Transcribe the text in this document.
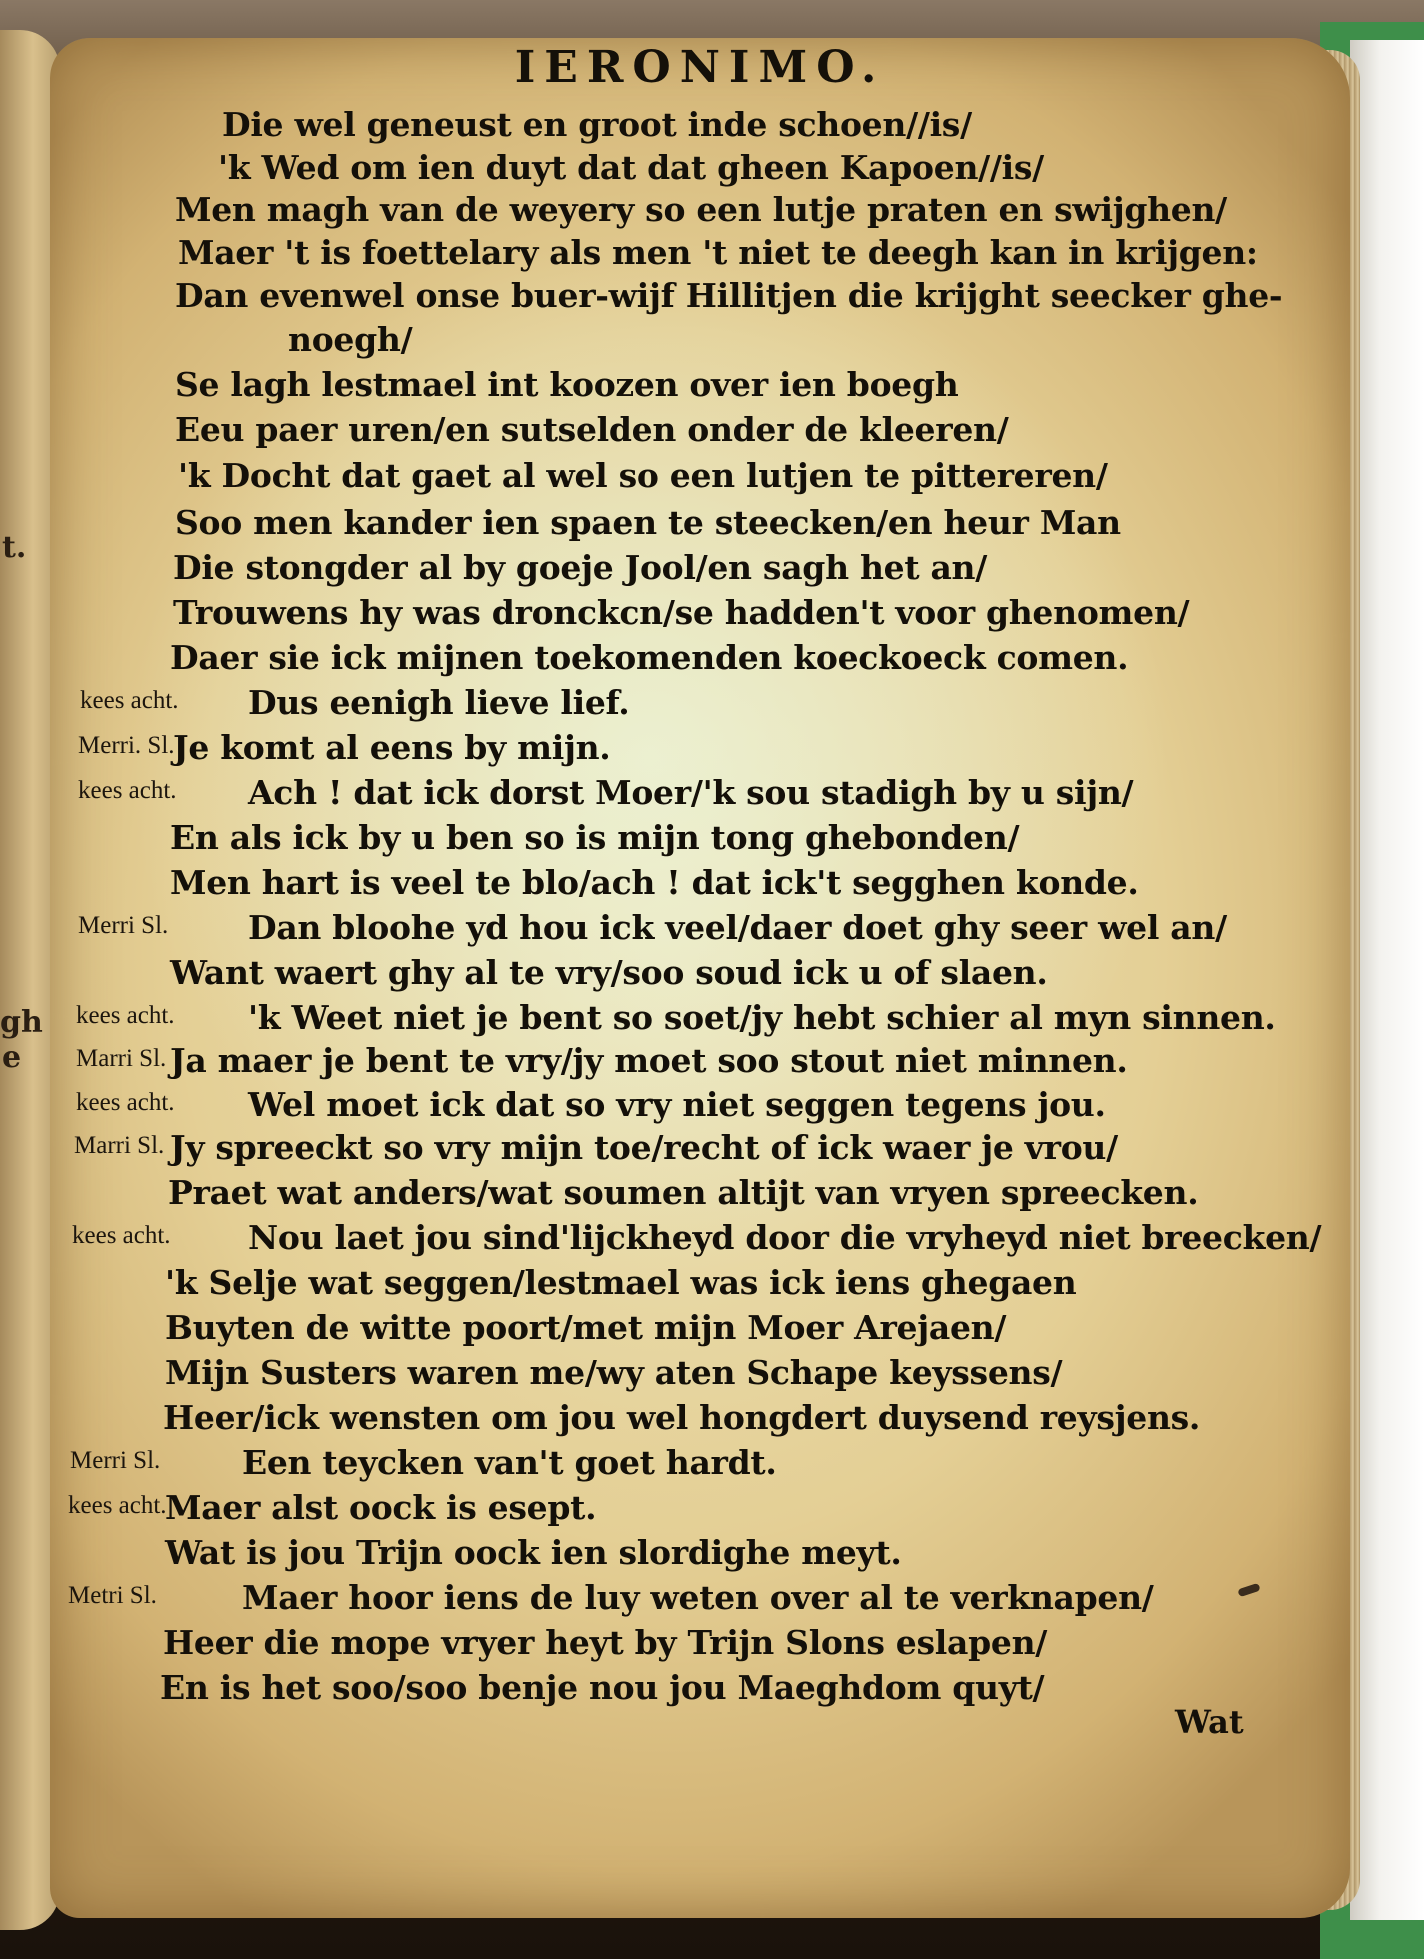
t.
gh
e
IERONIMO.
Die wel geneust en groot inde schoen//is/
'k Wed om ien duyt dat dat gheen Kapoen//is/
Men magh van de weyery so een lutje praten en swijghen/
Maer 't is foettelary als men 't niet te deegh kan in krijgen:
Dan evenwel onse buer-wijf Hillitjen die krijght seecker ghe-
noegh/
Se lagh lestmael int koozen over ien boegh
Eeu paer uren/en sutselden onder de kleeren/
'k Docht dat gaet al wel so een lutjen te pittereren/
Soo men kander ien spaen te steecken/en heur Man
Die stongder al by goeje Jool/en sagh het an/
Trouwens hy was dronckcn/se hadden't voor ghenomen/
Daer sie ick mijnen toekomenden koeckoeck comen.
Dus eenigh lieve lief.
Je komt al eens by mijn.
Ach ! dat ick dorst Moer/'k sou stadigh by u sijn/
En als ick by u ben so is mijn tong ghebonden/
Men hart is veel te blo/ach ! dat ick't segghen konde.
Dan bloohe yd hou ick veel/daer doet ghy seer wel an/
Want waert ghy al te vry/soo soud ick u of slaen.
'k Weet niet je bent so soet/jy hebt schier al myn sinnen.
Ja maer je bent te vry/jy moet soo stout niet minnen.
Wel moet ick dat so vry niet seggen tegens jou.
Jy spreeckt so vry mijn toe/recht of ick waer je vrou/
Praet wat anders/wat soumen altijt van vryen spreecken.
Nou laet jou sind'lijckheyd door die vryheyd niet breecken/
'k Selje wat seggen/lestmael was ick iens ghegaen
Buyten de witte poort/met mijn Moer Arejaen/
Mijn Susters waren me/wy aten Schape keyssens/
Heer/ick wensten om jou wel hongdert duysend reysjens.
Een teycken van't goet hardt.
Maer alst oock is esept.
Wat is jou Trijn oock ien slordighe meyt.
Maer hoor iens de luy weten over al te verknapen/
Heer die mope vryer heyt by Trijn Slons eslapen/
En is het soo/soo benje nou jou Maeghdom quyt/
kees acht.
Merri. Sl.
kees acht.
Merri Sl.
kees acht.
Marri Sl.
kees acht.
Marri Sl.
kees acht.
Merri Sl.
kees acht.
Metri Sl.
Wat
